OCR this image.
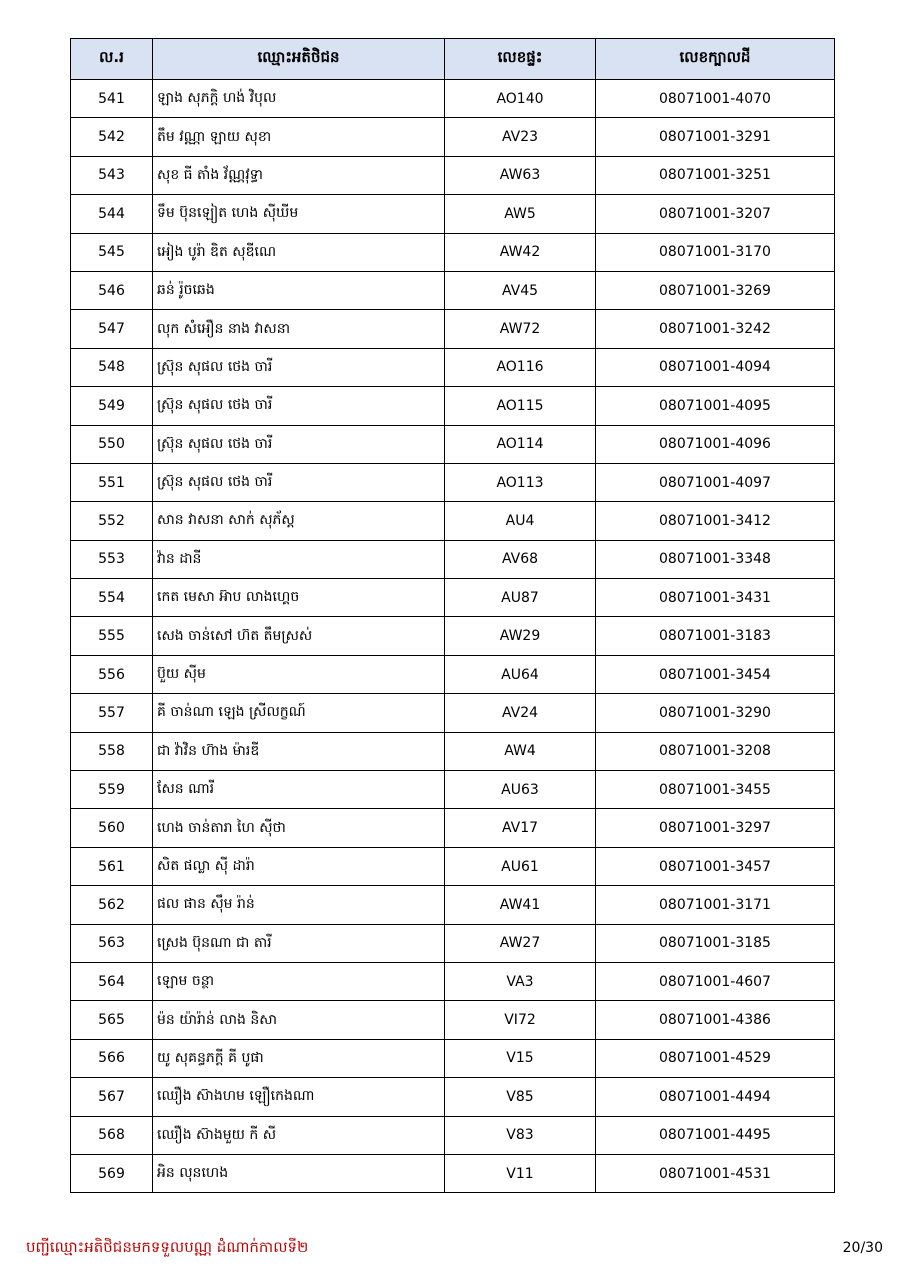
ល.រ	ឈ្មោះអតិថិជន	លេខផ្ទះ	លេខក្បាលដី
541	ឡាង សុភក្តិ ហង់ វិបុល	AO140	08071001-4070
542	តឹម វណ្ណា ឡាយ សុខា	AV23	08071001-3291
543	សុខ ធី តាំង វ័ណ្ណវុទ្ធា	AW63	08071001-3251
544	ទឹម ប៊ុនឡៀត ហេង ស៊ីឃីម	AW5	08071001-3207
545	អៀង បូរ៉ា ឌិត សុឌីណេ	AW42	08071001-3170
546	ឆន់ រ៉ូចឆេង	AV45	08071001-3269
547	លុក សំអឿន នាង វាសនា	AW72	08071001-3242
548	ស្រ៊ុន សុផល ថេង ចារី	AO116	08071001-4094
549	ស្រ៊ុន សុផល ថេង ចារី	AO115	08071001-4095
550	ស្រ៊ុន សុផល ថេង ចារី	AO114	08071001-4096
551	ស្រ៊ុន សុផល ថេង ចារី	AO113	08071001-4097
552	សាន វាសនា សាក់ សុភ័ស្ត	AU4	08071001-3412
553	វ៉ាន ដានី	AV68	08071001-3348
554	កេត មេសា អ៊ាប លាងហ្គេច	AU87	08071001-3431
555	សេង ចាន់សៅ ហ៊ត តឹមស្រស់	AW29	08071001-3183
556	ប៊ួយ ស៊ីម	AU64	08071001-3454
557	គី ចាន់ណា ឡេង ស្រីលក្ខណ៍	AV24	08071001-3290
558	ជា វ៉ាវិន ហ៊ាង ម៉ារឌី	AW4	08071001-3208
559	សែន ណារី	AU63	08071001-3455
560	ហេង ចាន់តារា ហៃ ស៊ីថា	AV17	08071001-3297
561	សិត ផល្លា ស៊ី ដារ៉ា	AU61	08071001-3457
562	ផល ផាន ស៊ឹម រ៉ាន់	AW41	08071001-3171
563	ស្រេង ប៊ុនណា ជា តារី	AW27	08071001-3185
564	ឡោម ចន្ថា	VA3	08071001-4607
565	ម៉ន យ៉ារ៉ាន់ លាង និសា	VI72	08071001-4386
566	យូ សុគន្ធភក្តី គី បូផា	V15	08071001-4529
567	ឈឿង ស៊ាងហម ឡឿកេងណា	V85	08071001-4494
568	ឈឿង ស៊ាងមួយ កី សី	V83	08071001-4495
569	អិន លុនហេង	V11	08071001-4531
បញ្ជីឈ្មោះអតិថិជនមកទទួលបណ្ណ ដំណាក់កាលទី២	20/30
